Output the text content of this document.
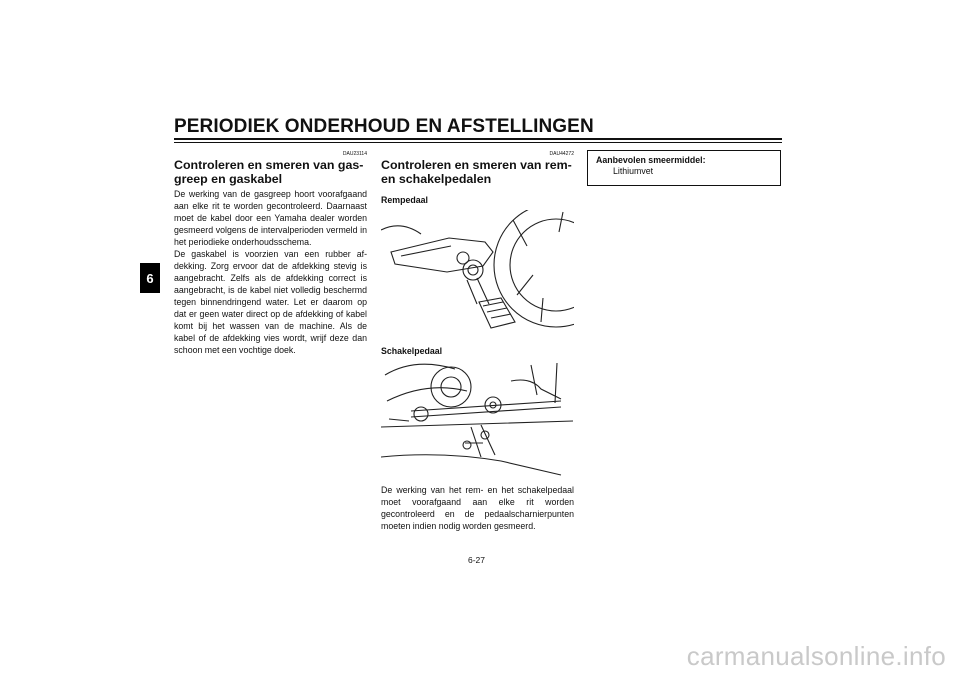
PERIODIEK ONDERHOUD EN AFSTELLINGEN
6
DAU23114
Controleren en smeren van gas-
greep en gaskabel

De werking van de gasgreep hoort voorafgaand aan elke rit te worden gecontroleerd. Daarnaast moet de kabel door een Yamaha dealer worden gesmeerd volgens de intervalperioden vermeld in het periodieke onderhoudsschema.

De gaskabel is voorzien van een rubber afdekking. Zorg ervoor dat de afdekking stevig is aangebracht. Zelfs als de afdekking correct is aangebracht, is de kabel niet volledig beschermd tegen binnendringend water. Let er daarom op dat er geen water direct op de afdekking of kabel komt bij het wassen van de machine. Als de kabel of de afdekking vies wordt, wrijf deze dan schoon met een vochtige doek.

DAU44272
Controleren en smeren van rem-
en schakelpedalen
Rempedaal
Schakelpedaal

De werking van het rem- en het schakelpedaal moet voorafgaand aan elke rit worden gecontroleerd en de pedaalscharnierpunten moeten indien nodig worden gesmeerd.

Aanbevolen smeermiddel:
Lithiumvet
6-27
carmanualsonline.info
